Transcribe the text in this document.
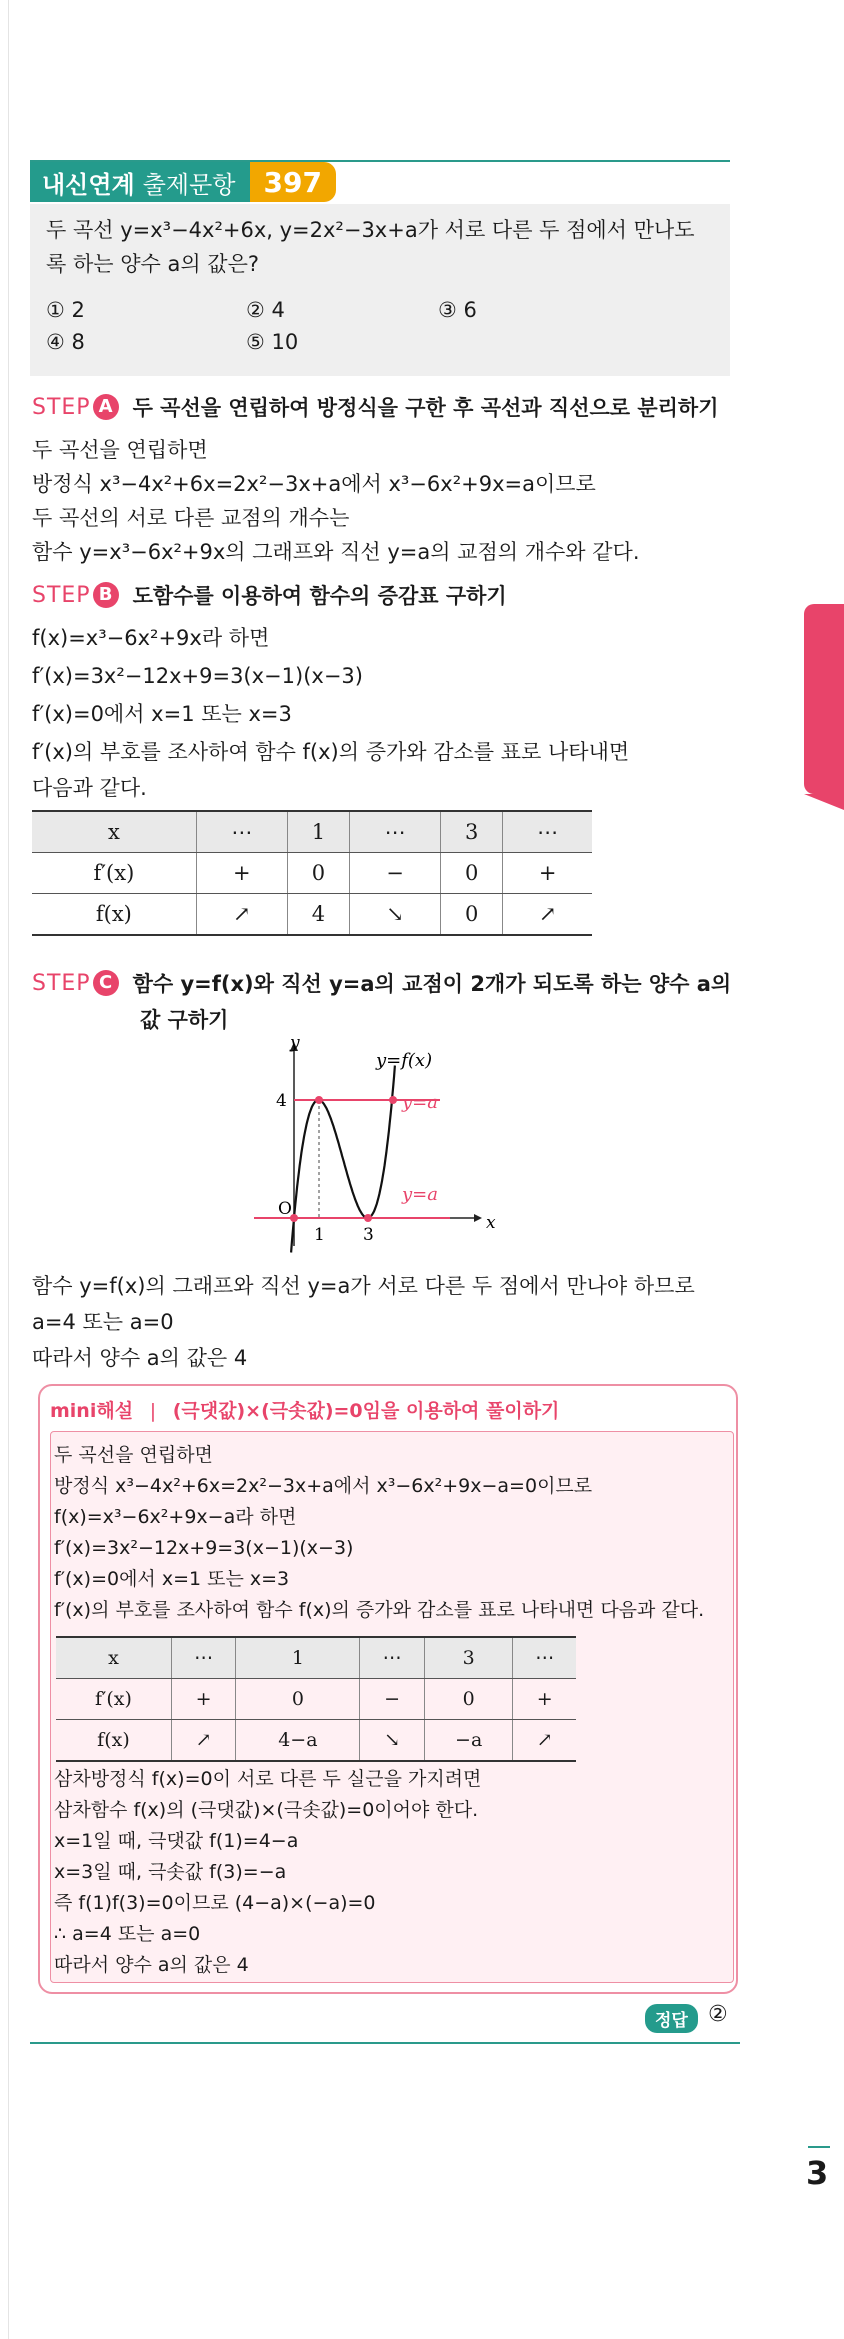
내신연계 출제문항	397
두 곡선 y=x³−4x²+6x, y=2x²−3x+a가 서로 다른 두 점에서 만나도
록 하는 양수 a의 값은?
① 2	② 4	③ 6
④ 8	⑤ 10
STEP A 두 곡선을 연립하여 방정식을 구한 후 곡선과 직선으로 분리하기
두 곡선을 연립하면
방정식 x³−4x²+6x=2x²−3x+a에서 x³−6x²+9x=a이므로
두 곡선의 서로 다른 교점의 개수는
함수 y=x³−6x²+9x의 그래프와 직선 y=a의 교점의 개수와 같다.
STEP B 도함수를 이용하여 함수의 증감표 구하기
f(x)=x³−6x²+9x라 하면
f′(x)=3x²−12x+9=3(x−1)(x−3)
f′(x)=0에서 x=1 또는 x=3
f′(x)의 부호를 조사하여 함수 f(x)의 증가와 감소를 표로 나타내면
다음과 같다.
x	⋯	1	⋯	3	⋯
f′(x)	+	0	−	0	+
f(x)	↗	4	↘	0	↗
STEP C 함수 y=f(x)와 직선 y=a의 교점이 2개가 되도록 하는 양수 a의
값 구하기
y
x
O
4
1 3
y=f(x)
y=a
y=a
함수 y=f(x)의 그래프와 직선 y=a가 서로 다른 두 점에서 만나야 하므로
a=4 또는 a=0
따라서 양수 a의 값은 4
mini해설 | (극댓값)×(극솟값)=0임을 이용하여 풀이하기
두 곡선을 연립하면
방정식 x³−4x²+6x=2x²−3x+a에서 x³−6x²+9x−a=0이므로
f(x)=x³−6x²+9x−a라 하면
f′(x)=3x²−12x+9=3(x−1)(x−3)
f′(x)=0에서 x=1 또는 x=3
f′(x)의 부호를 조사하여 함수 f(x)의 증가와 감소를 표로 나타내면 다음과 같다.
x	⋯	1	⋯	3	⋯
f′(x)	+	0	−	0	+
f(x)	↗	4−a	↘	−a	↗
삼차방정식 f(x)=0이 서로 다른 두 실근을 가지려면
삼차함수 f(x)의 (극댓값)×(극솟값)=0이어야 한다.
x=1일 때, 극댓값 f(1)=4−a
x=3일 때, 극솟값 f(3)=−a
즉 f(1)f(3)=0이므로 (4−a)×(−a)=0
∴ a=4 또는 a=0
따라서 양수 a의 값은 4
정답 ②
3
